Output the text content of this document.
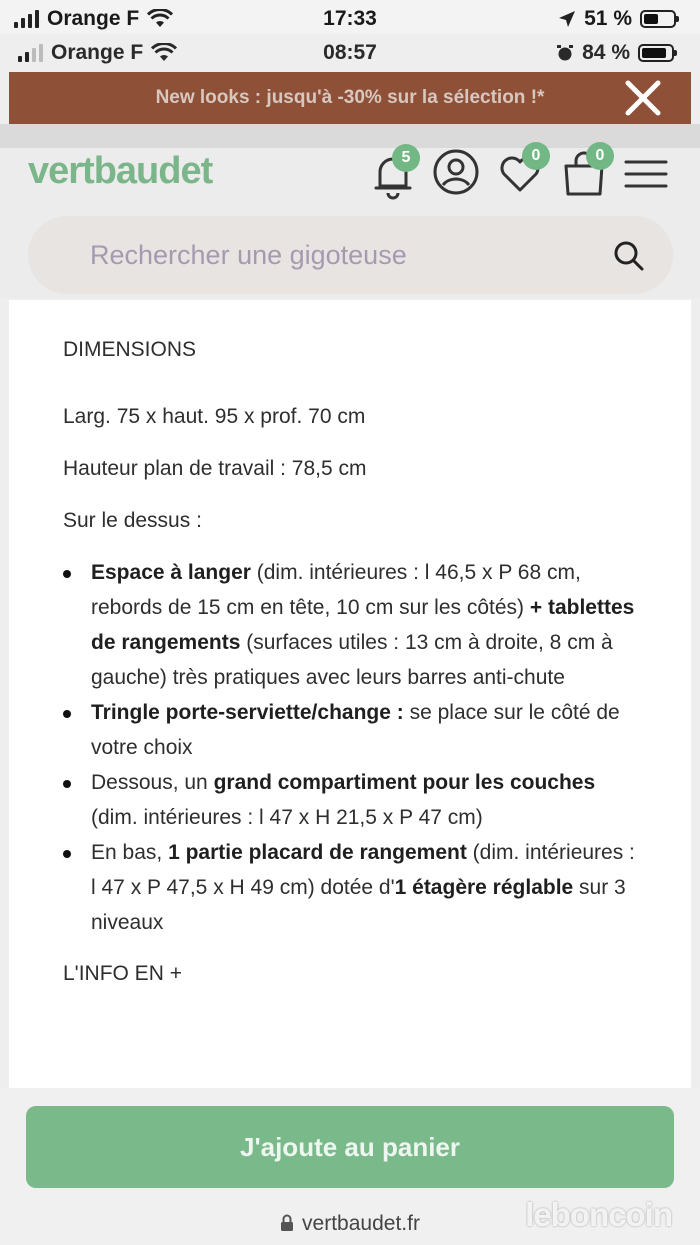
Orange F	17:33	51 %
Orange F	08:57	84 %
New looks : jusqu'à -30% sur la sélection !*
vertbaudet	5	0	0
Rechercher une gigoteuse

DIMENSIONS

Larg. 75 x haut. 95 x prof. 70 cm

Hauteur plan de travail : 78,5 cm

Sur le dessus :

Espace à langer (dim. intérieures : l 46,5 x P 68 cm, rebords de 15 cm en tête, 10 cm sur les côtés) + tablettes de rangements (surfaces utiles : 13 cm à droite, 8 cm à gauche) très pratiques avec leurs barres anti-chute
Tringle porte-serviette/change : se place sur le côté de votre choix
Dessous, un grand compartiment pour les couches (dim. intérieures : l 47 x H 21,5 x P 47 cm)
En bas, 1 partie placard de rangement (dim. intérieures : l 47 x P 47,5 x H 49 cm) dotée d'1 étagère réglable sur 3 niveaux

L'INFO EN +

J'ajoute au panier
vertbaudet.fr	leboncoin
